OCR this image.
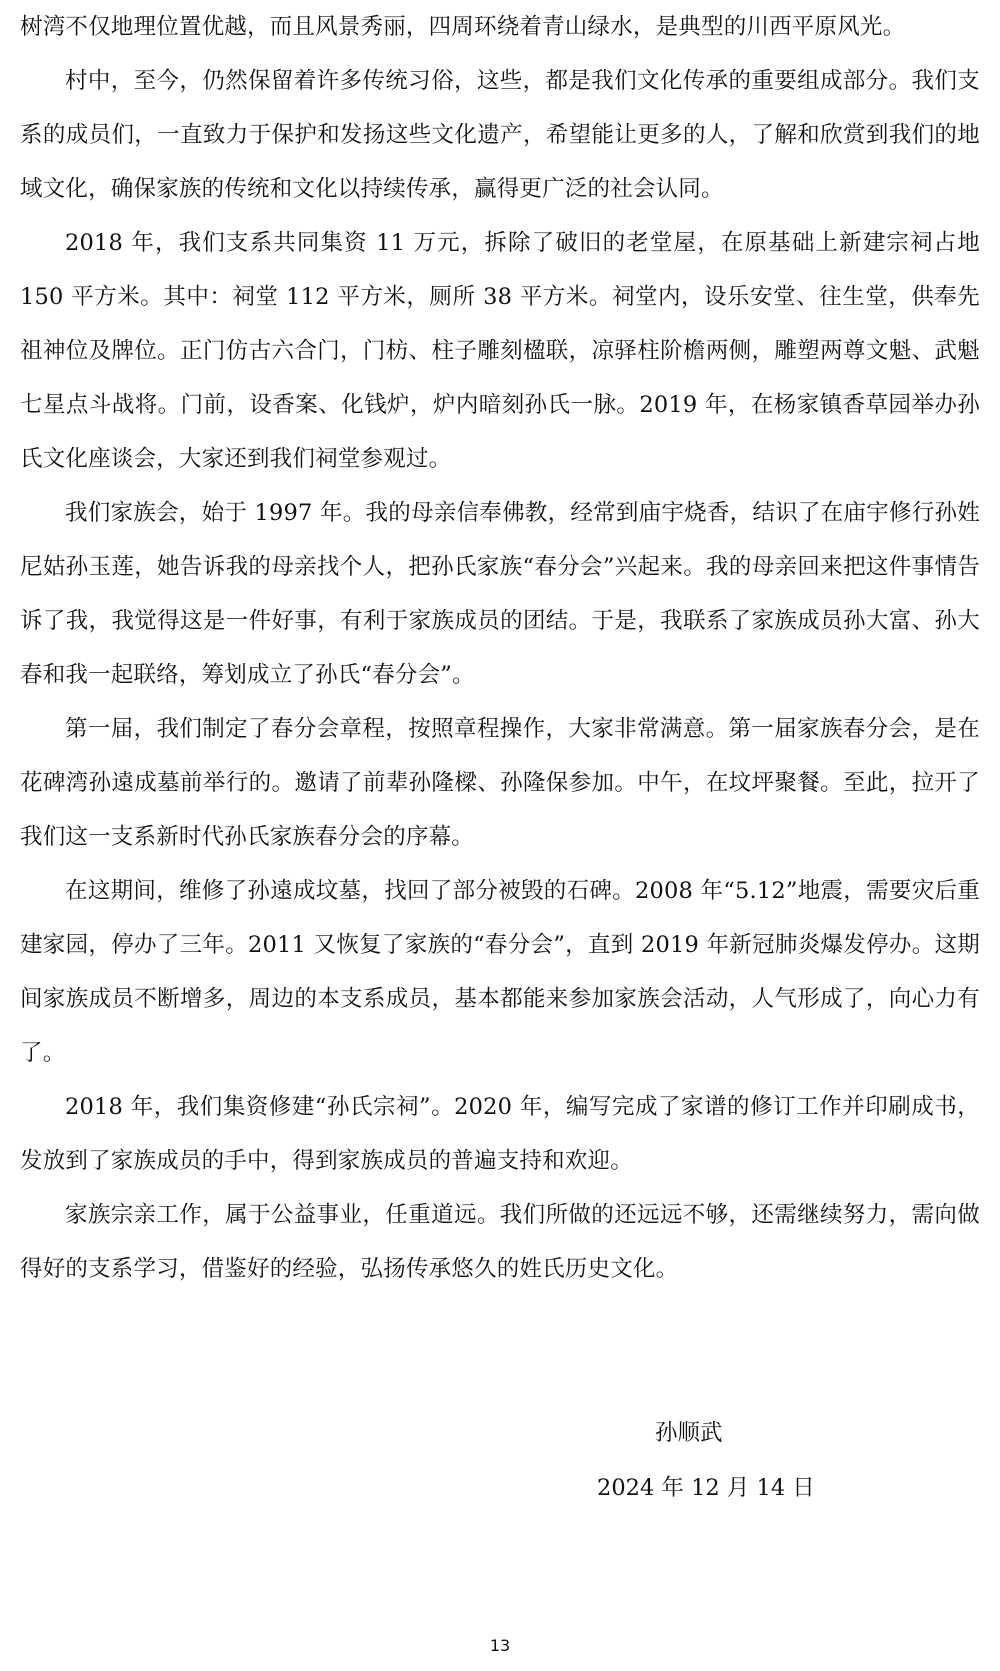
树湾不仅地理位置优越，而且风景秀丽，四周环绕着青山绿水，是典型的川西平原风光。

村中，至今，仍然保留着许多传统习俗，这些，都是我们文化传承的重要组成部分。我们支系的成员们，一直致力于保护和发扬这些文化遗产，希望能让更多的人，了解和欣赏到我们的地域文化，确保家族的传统和文化以持续传承，赢得更广泛的社会认同。

2018 年，我们支系共同集资 11 万元，拆除了破旧的老堂屋，在原基础上新建宗祠占地 150 平方米。其中：祠堂 112 平方米，厕所 38 平方米。祠堂内，设乐安堂、往生堂，供奉先祖神位及牌位。正门仿古六合门，门枋、柱子雕刻楹联，凉驿柱阶檐两侧，雕塑两尊文魁、武魁七星点斗战将。门前，设香案、化钱炉，炉内暗刻孙氏一脉。2019 年，在杨家镇香草园举办孙氏文化座谈会，大家还到我们祠堂参观过。

我们家族会，始于 1997 年。我的母亲信奉佛教，经常到庙宇烧香，结识了在庙宇修行孙姓尼姑孙玉莲，她告诉我的母亲找个人，把孙氏家族“春分会”兴起来。我的母亲回来把这件事情告诉了我，我觉得这是一件好事，有利于家族成员的团结。于是，我联系了家族成员孙大富、孙大春和我一起联络，筹划成立了孙氏“春分会”。

第一届，我们制定了春分会章程，按照章程操作，大家非常满意。第一届家族春分会，是在花碑湾孙遠成墓前举行的。邀请了前辈孙隆樑、孙隆保参加。中午，在坟坪聚餐。至此，拉开了我们这一支系新时代孙氏家族春分会的序幕。

在这期间，维修了孙遠成坟墓，找回了部分被毁的石碑。2008 年“5.12”地震，需要灾后重建家园，停办了三年。2011 又恢复了家族的“春分会”，直到 2019 年新冠肺炎爆发停办。这期间家族成员不断增多，周边的本支系成员，基本都能来参加家族会活动，人气形成了，向心力有了。

2018 年，我们集资修建“孙氏宗祠”。2020 年，编写完成了家谱的修订工作并印刷成书，发放到了家族成员的手中，得到家族成员的普遍支持和欢迎。

家族宗亲工作，属于公益事业，任重道远。我们所做的还远远不够，还需继续努力，需向做得好的支系学习，借鉴好的经验，弘扬传承悠久的姓氏历史文化。

孙顺武
2024 年 12 月 14 日
13
